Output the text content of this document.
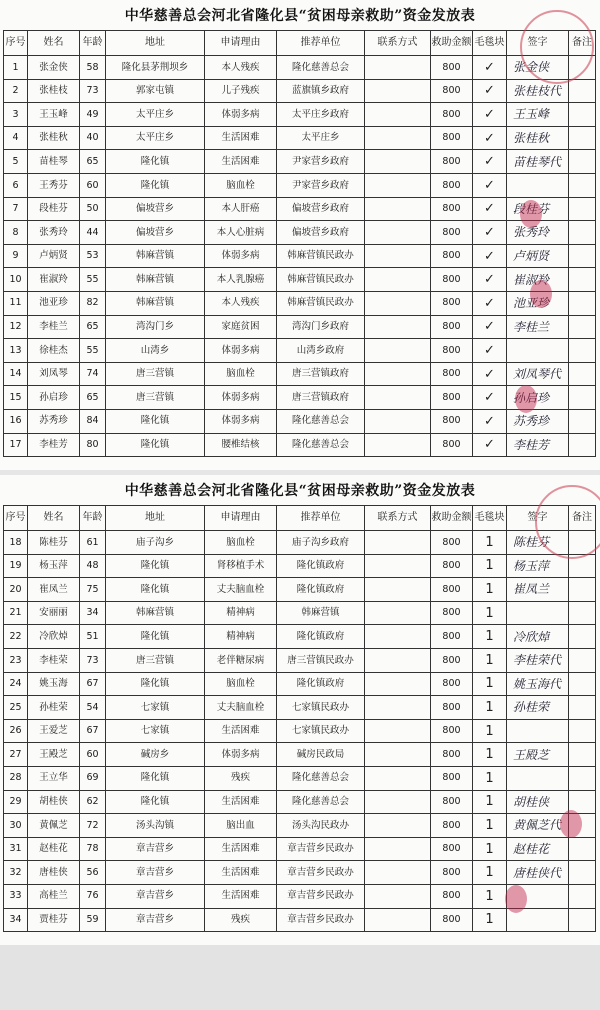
中华慈善总会河北省隆化县“贫困母亲救助”资金发放表
序号	姓名	年龄	地址	申请理由	推荐单位	联系方式	救助金额	毛毯块	签字	备注
1	张金侠	58	隆化县茅荆坝乡	本人残疾	隆化慈善总会		800	✓	张金侠	
2	张桂枝	73	郭家屯镇	儿子残疾	蓝旗镇乡政府		800	✓	张桂枝代	
3	王玉峰	49	太平庄乡	体弱多病	太平庄乡政府		800	✓	王玉峰	
4	张桂秋	40	太平庄乡	生活困难	太平庄乡		800	✓	张桂秋	
5	苗桂琴	65	隆化镇	生活困难	尹家营乡政府		800	✓	苗桂琴代	
6	王秀芬	60	隆化镇	脑血栓	尹家营乡政府		800	✓		
7	段桂芬	50	偏坡营乡	本人肝癌	偏坡营乡政府		800	✓	段桂芬	
8	张秀玲	44	偏坡营乡	本人心脏病	偏坡营乡政府		800	✓	张秀玲	
9	卢炳贤	53	韩麻营镇	体弱多病	韩麻营镇民政办		800	✓	卢炳贤	
10	崔淑羚	55	韩麻营镇	本人乳腺癌	韩麻营镇民政办		800	✓	崔淑羚	
11	池亚珍	82	韩麻营镇	本人残疾	韩麻营镇民政办		800	✓	池亚珍	
12	李桂兰	65	湾沟门乡	家庭贫困	湾沟门乡政府		800	✓	李桂兰	
13	徐桂杰	55	山湾乡	体弱多病	山湾乡政府		800	✓		
14	刘凤琴	74	唐三营镇	脑血栓	唐三营镇政府		800	✓	刘凤琴代	
15	孙启珍	65	唐三营镇	体弱多病	唐三营镇政府		800	✓	孙启珍	
16	苏秀珍	84	隆化镇	体弱多病	隆化慈善总会		800	✓	苏秀珍	
17	李桂芳	80	隆化镇	腰椎结核	隆化慈善总会		800	✓	李桂芳	
中华慈善总会河北省隆化县“贫困母亲救助”资金发放表
序号	姓名	年龄	地址	申请理由	推荐单位	联系方式	救助金额	毛毯块	签字	备注
18	陈桂芬	61	庙子沟乡	脑血栓	庙子沟乡政府		800	1	陈桂芬	
19	杨玉萍	48	隆化镇	肾移植手术	隆化镇政府		800	1	杨玉萍	
20	崔凤兰	75	隆化镇	丈夫脑血栓	隆化镇政府		800	1	崔凤兰	
21	安丽丽	34	韩麻营镇	精神病	韩麻营镇		800	1		
22	冷欣焯	51	隆化镇	精神病	隆化镇政府		800	1	冷欣焯	
23	李桂荣	73	唐三营镇	老伴糖尿病	唐三营镇民政办		800	1	李桂荣代	
24	姚玉海	67	隆化镇	脑血栓	隆化镇政府		800	1	姚玉海代	
25	孙桂荣	54	七家镇	丈夫脑血栓	七家镇民政办		800	1	孙桂荣	
26	王爱芝	67	七家镇	生活困难	七家镇民政办		800	1		
27	王殿芝	60	碱房乡	体弱多病	碱房民政局		800	1	王殿芝	
28	王立华	69	隆化镇	残疾	隆化慈善总会		800	1		
29	胡桂侠	62	隆化镇	生活困难	隆化慈善总会		800	1	胡桂侠	
30	黄佩芝	72	汤头沟镇	脑出血	汤头沟民政办		800	1	黄佩芝代	
31	赵桂花	78	章吉营乡	生活困难	章吉营乡民政办		800	1	赵桂花	
32	唐桂侠	56	章吉营乡	生活困难	章吉营乡民政办		800	1	唐桂侠代	
33	高桂兰	76	章吉营乡	生活困难	章吉营乡民政办		800	1		
34	贾桂芬	59	章吉营乡	残疾	章吉营乡民政办		800	1		
